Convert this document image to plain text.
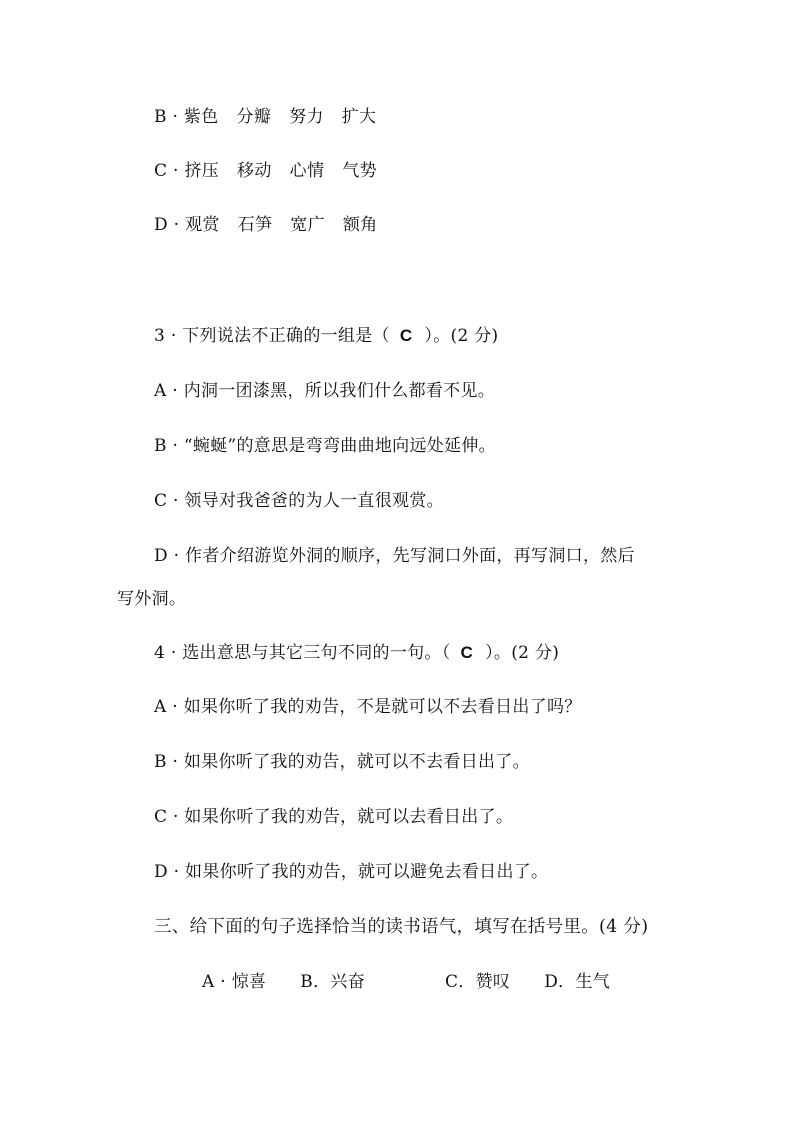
B · 紫色 分瓣 努力 扩大
C · 挤压 移动 心情 气势
D · 观赏 石笋 宽广 额角
3 · 下列说法不正确的一组是（ C ）。(2 分)
A · 内洞一团漆黑，所以我们什么都看不见。
B · “蜿蜒”的意思是弯弯曲曲地向远处延伸。
C · 领导对我爸爸的为人一直很观赏。
D · 作者介绍游览外洞的顺序，先写洞口外面，再写洞口，然后
写外洞。
4 · 选出意思与其它三句不同的一句。（ C ）。(2 分)
A · 如果你听了我的劝告，不是就可以不去看日出了吗？
B · 如果你听了我的劝告，就可以不去看日出了。
C · 如果你听了我的劝告，就可以去看日出了。
D · 如果你听了我的劝告，就可以避免去看日出了。
三、给下面的句子选择恰当的读书语气，填写在括号里。(4 分)
A · 惊喜 B．兴奋	C．赞叹 D．生气
